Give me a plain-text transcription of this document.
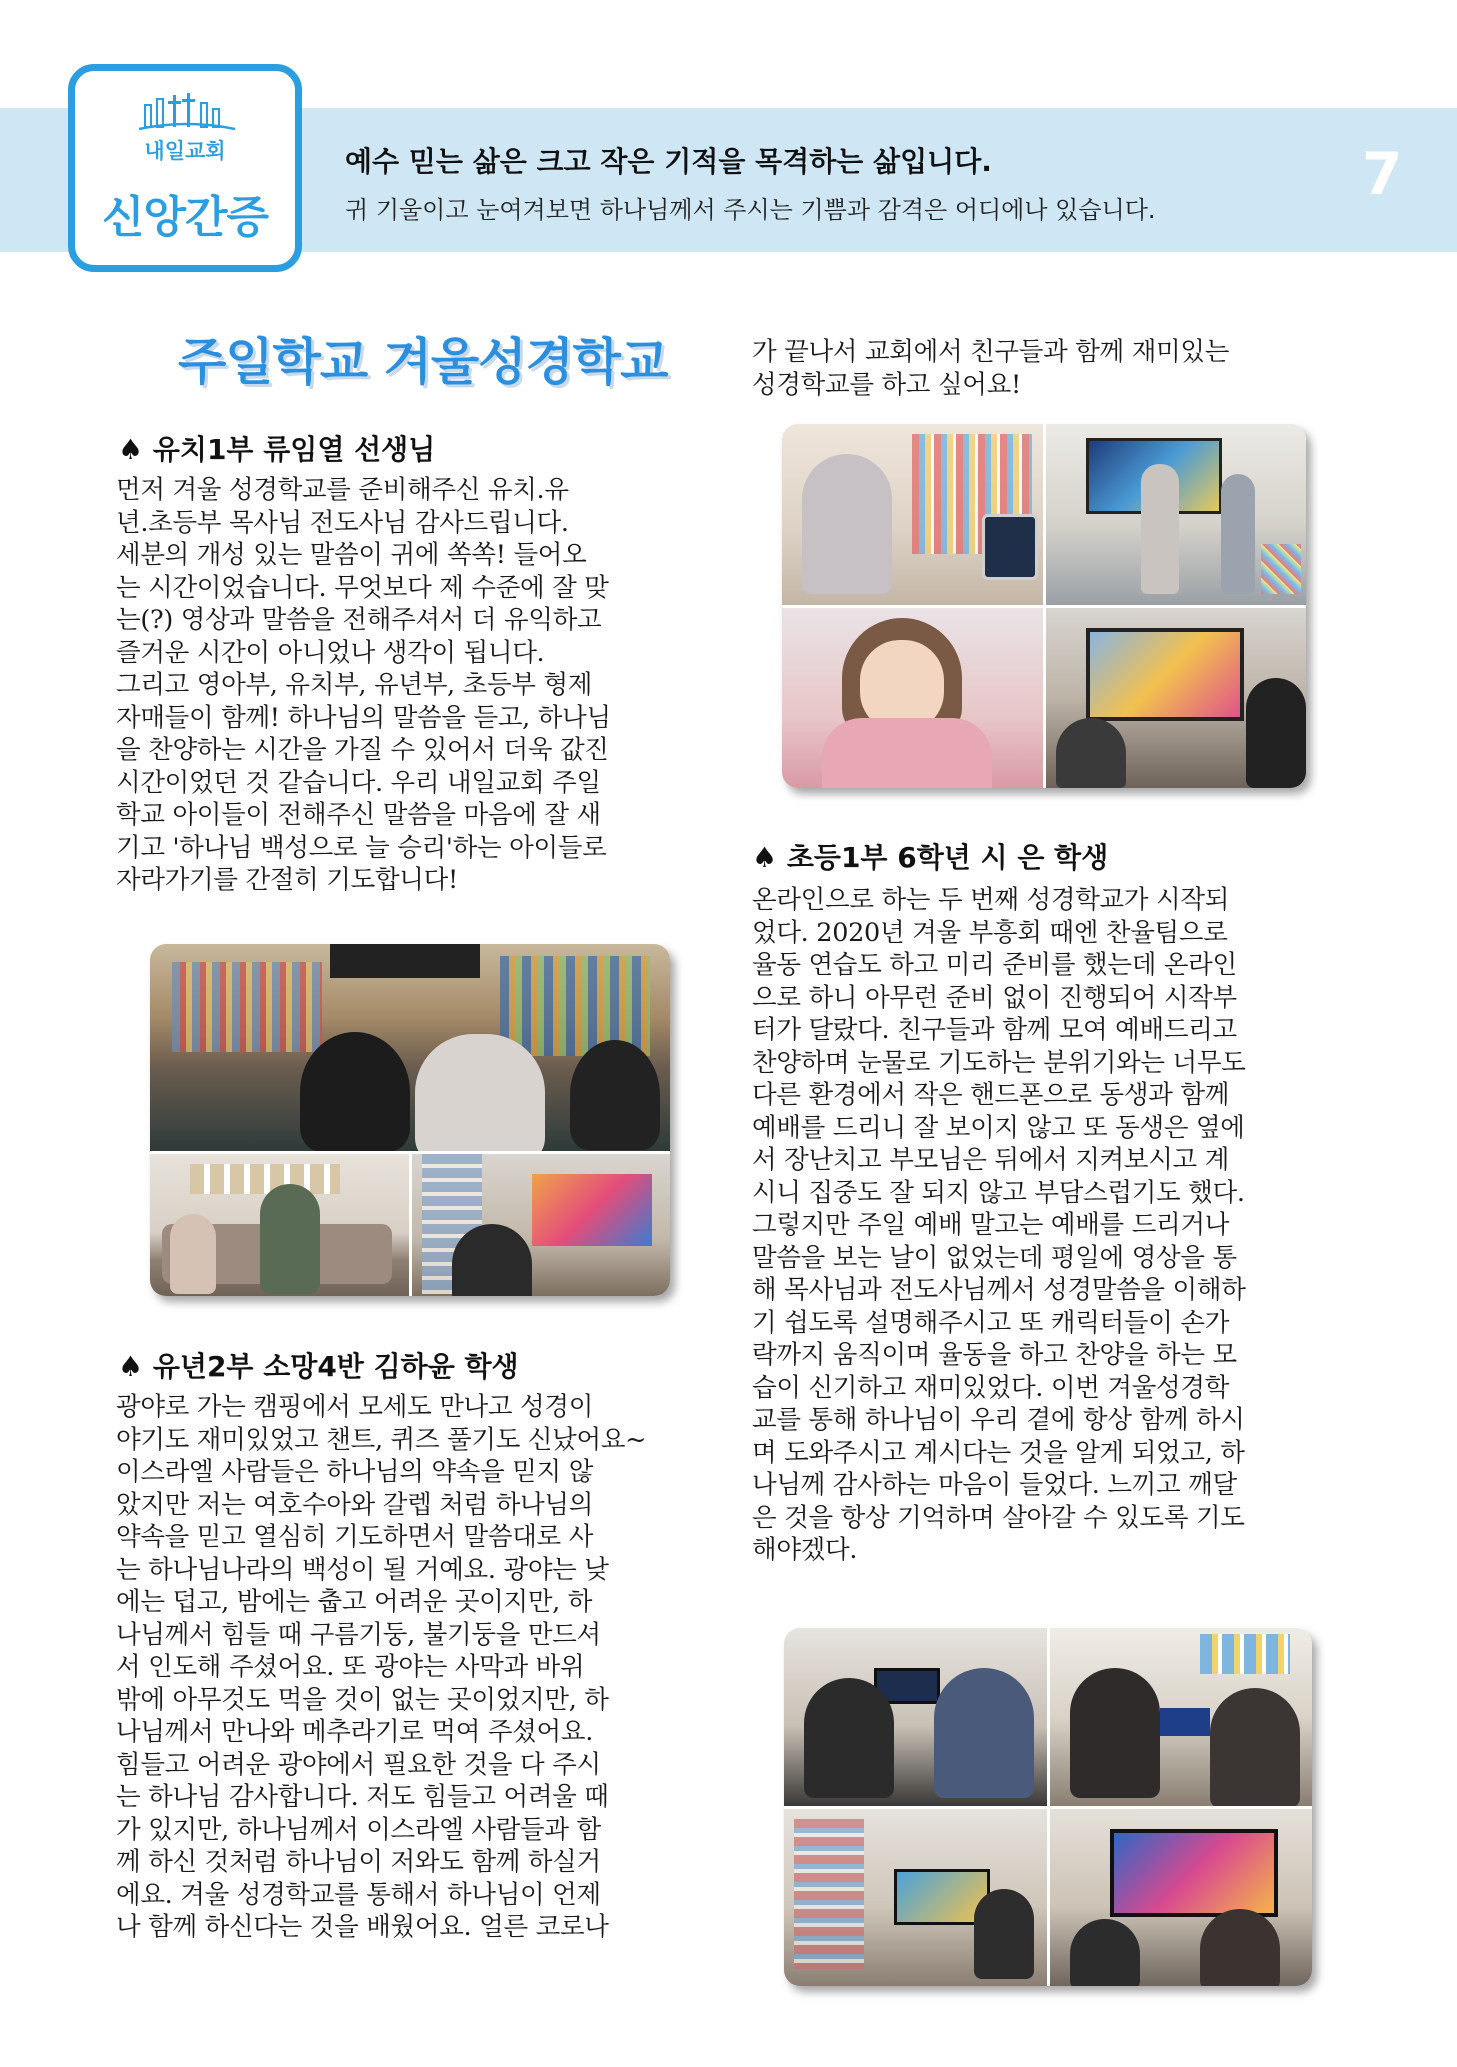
내일교회
신앙간증
예수 믿는 삶은 크고 작은 기적을 목격하는 삶입니다.
귀 기울이고 눈여겨보면 하나님께서 주시는 기쁨과 감격은 어디에나 있습니다.
7
주일학교 겨울성경학교
♠ 유치1부 류임열 선생님

먼저 겨울 성경학교를 준비해주신 유치.유
년.초등부 목사님 전도사님 감사드립니다.
세분의 개성 있는 말씀이 귀에 쏙쏙! 들어오
는 시간이었습니다. 무엇보다 제 수준에 잘 맞
는(?) 영상과 말씀을 전해주셔서 더 유익하고
즐거운 시간이 아니었나 생각이 됩니다.
그리고 영아부, 유치부, 유년부, 초등부 형제
자매들이 함께! 하나님의 말씀을 듣고, 하나님
을 찬양하는 시간을 가질 수 있어서 더욱 값진
시간이었던 것 같습니다. 우리 내일교회 주일
학교 아이들이 전해주신 말씀을 마음에 잘 새
기고 '하나님 백성으로 늘 승리'하는 아이들로
자라가기를 간절히 기도합니다!

♠ 유년2부 소망4반 김하윤 학생

광야로 가는 캠핑에서 모세도 만나고 성경이
야기도 재미있었고 챈트, 퀴즈 풀기도 신났어요~
이스라엘 사람들은 하나님의 약속을 믿지 않
았지만 저는 여호수아와 갈렙 처럼 하나님의
약속을 믿고 열심히 기도하면서 말씀대로 사
는 하나님나라의 백성이 될 거예요. 광야는 낮
에는 덥고, 밤에는 춥고 어려운 곳이지만, 하
나님께서 힘들 때 구름기둥, 불기둥을 만드셔
서 인도해 주셨어요. 또 광야는 사막과 바위
밖에 아무것도 먹을 것이 없는 곳이었지만, 하
나님께서 만나와 메추라기로 먹여 주셨어요.
힘들고 어려운 광야에서 필요한 것을 다 주시
는 하나님 감사합니다. 저도 힘들고 어려울 때
가 있지만, 하나님께서 이스라엘 사람들과 함
께 하신 것처럼 하나님이 저와도 함께 하실거
에요. 겨울 성경학교를 통해서 하나님이 언제
나 함께 하신다는 것을 배웠어요. 얼른 코로나

가 끝나서 교회에서 친구들과 함께 재미있는
성경학교를 하고 싶어요!

♠ 초등1부 6학년 시 은 학생

온라인으로 하는 두 번째 성경학교가 시작되
었다. 2020년 겨울 부흥회 때엔 찬율팀으로
율동 연습도 하고 미리 준비를 했는데 온라인
으로 하니 아무런 준비 없이 진행되어 시작부
터가 달랐다. 친구들과 함께 모여 예배드리고
찬양하며 눈물로 기도하는 분위기와는 너무도
다른 환경에서 작은 핸드폰으로 동생과 함께
예배를 드리니 잘 보이지 않고 또 동생은 옆에
서 장난치고 부모님은 뒤에서 지켜보시고 계
시니 집중도 잘 되지 않고 부담스럽기도 했다.
그렇지만 주일 예배 말고는 예배를 드리거나
말씀을 보는 날이 없었는데 평일에 영상을 통
해 목사님과 전도사님께서 성경말씀을 이해하
기 쉽도록 설명해주시고 또 캐릭터들이 손가
락까지 움직이며 율동을 하고 찬양을 하는 모
습이 신기하고 재미있었다. 이번 겨울성경학
교를 통해 하나님이 우리 곁에 항상 함께 하시
며 도와주시고 계시다는 것을 알게 되었고, 하
나님께 감사하는 마음이 들었다. 느끼고 깨달
은 것을 항상 기억하며 살아갈 수 있도록 기도
해야겠다.
